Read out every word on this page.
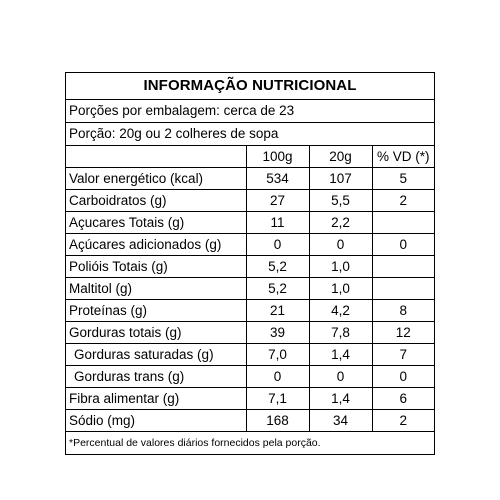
INFORMAÇÃO NUTRICIONAL
Porções por embalagem: cerca de 23
Porção: 20g ou 2 colheres de sopa
	100g	20g	% VD (*)
Valor energético (kcal)	534	107	5
Carboidratos (g)	27	5,5	2
Açucares Totais (g)	11	2,2	
Açúcares adicionados (g)	0	0	0
Polióis Totais (g)	5,2	1,0	
Maltitol (g)	5,2	1,0	
Proteínas (g)	21	4,2	8
Gorduras totais (g)	39	7,8	12
Gorduras saturadas (g)	7,0	1,4	7
Gorduras trans (g)	0	0	0
Fibra alimentar (g)	7,1	1,4	6
Sódio (mg)	168	34	2
*Percentual de valores diários fornecidos pela porção.
